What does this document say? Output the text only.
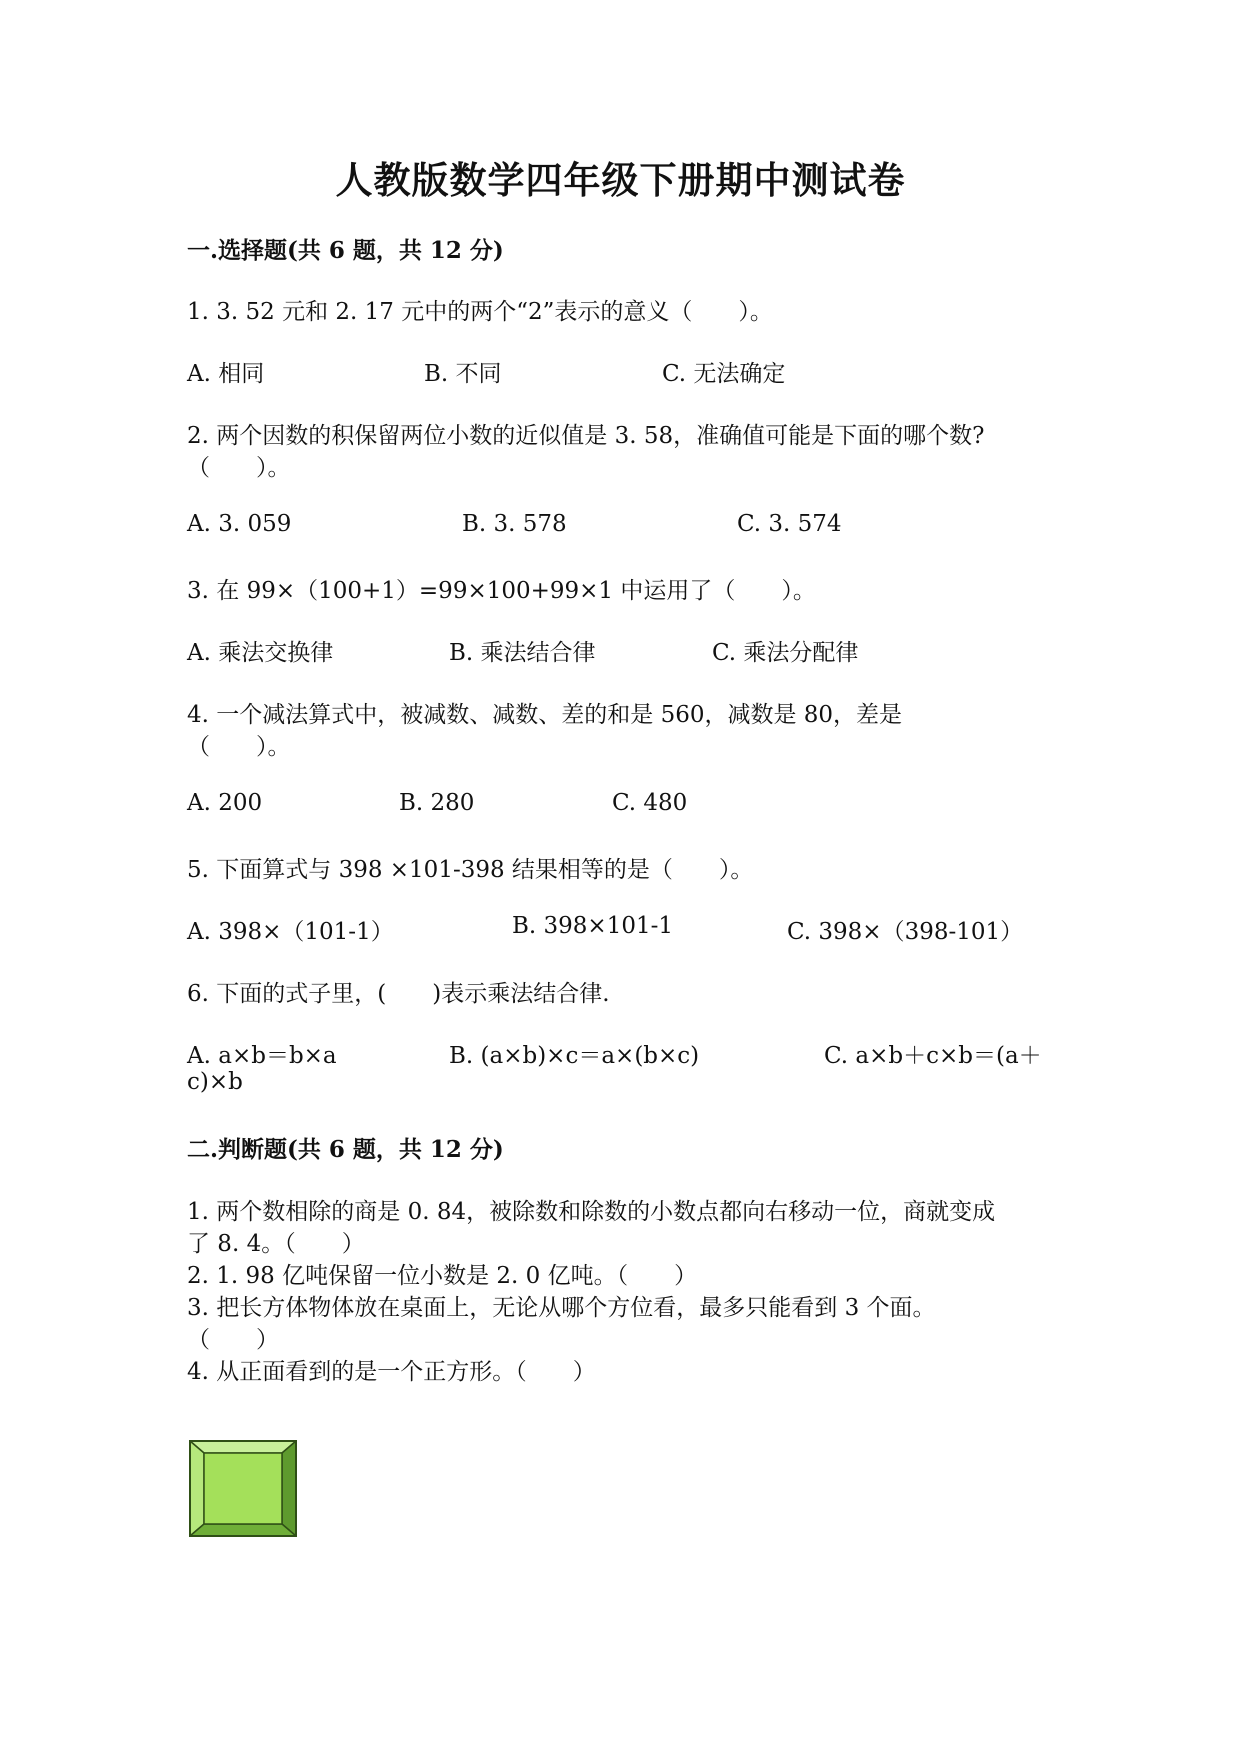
人教版数学四年级下册期中测试卷
一.选择题(共 6 题，共 12 分)
1. 3. 52 元和 2. 17 元中的两个“2”表示的意义（　　）。
A. 相同	B. 不同	C. 无法确定
2. 两个因数的积保留两位小数的近似值是 3. 58，准确值可能是下面的哪个数?
（　　）。
A. 3. 059	B. 3. 578	C. 3. 574
3. 在 99×（100+1）=99×100+99×1 中运用了（　　）。
A. 乘法交换律	B. 乘法结合律	C. 乘法分配律
4. 一个减法算式中，被减数、减数、差的和是 560，减数是 80，差是
（　　）。
A. 200	B. 280	C. 480
5. 下面算式与 398 ×101-398 结果相等的是（　　）。
A. 398×（101-1）	B. 398×101-1	C. 398×（398-101）
6. 下面的式子里，(　　)表示乘法结合律.
A. a×b＝b×a	B. (a×b)×c＝a×(b×c)	C. a×b＋c×b＝(a＋
c)×b
二.判断题(共 6 题，共 12 分)
1. 两个数相除的商是 0. 84，被除数和除数的小数点都向右移动一位，商就变成
了 8. 4。（　　）
2. 1. 98 亿吨保留一位小数是 2. 0 亿吨。（　　）
3. 把长方体物体放在桌面上，无论从哪个方位看，最多只能看到 3 个面。
（　　）
4. 从正面看到的是一个正方形。（　　）
